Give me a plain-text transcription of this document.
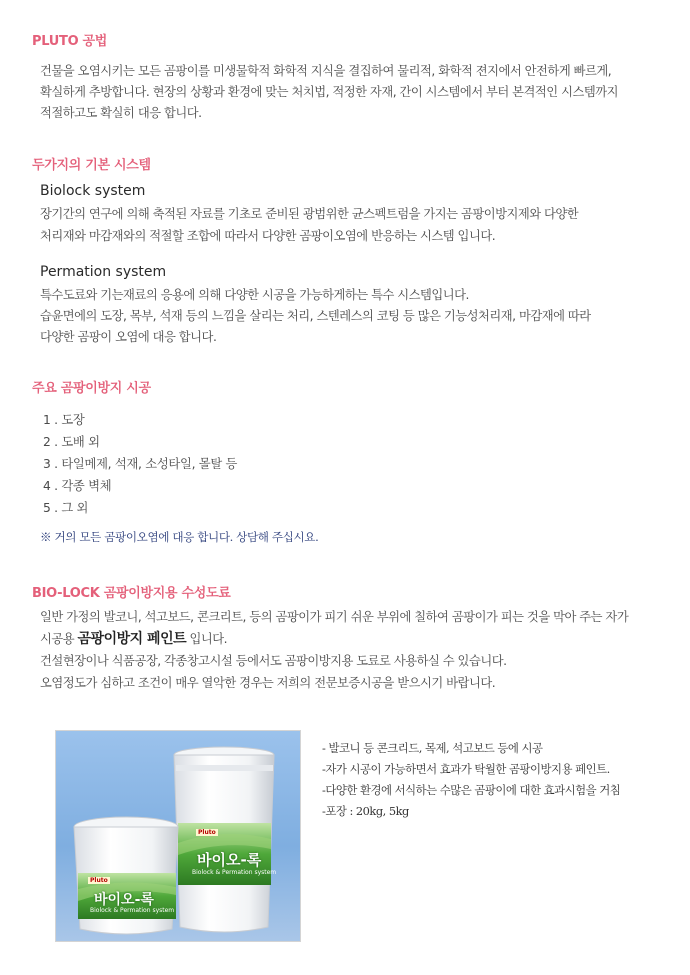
PLUTO 공법

건물을 오염시키는 모든 곰팡이를 미생물학적 화학적 지식을 결집하여 물리적, 화학적 젼지에서 안전하게 빠르게,

확실하게 추방합니다. 현장의 상황과 환경에 맞는 처치법, 적정한 자재, 간이 시스템에서 부터 본격적인 시스템까지

적절하고도 확실히 대응 합니다.

두가지의 기본 시스템

Biolock system

장기간의 연구에 의해 축적된 자료를 기초로 준비된 광범위한 균스펙트럼을 가지는 곰팡이방지제와 다양한

처리재와 마감재와의 적절할 조합에 따라서 다양한 곰팡이오염에 반응하는 시스템 입니다.

Permation system

특수도료와 기는재료의 응용에 의해 다양한 시공을 가능하게하는 특수 시스템입니다.

습윤면에의 도장, 목부, 석재 등의 느낌을 살리는 처리, 스텐레스의 코팅 등 많은 기능성처리재, 마감재에 따라

다양한 곰팡이 오염에 대응 합니다.

주요 곰팡이방지 시공

1 . 도장

2 . 도배 외

3 . 타일메제, 석재, 소성타일, 몰탈 등

4 . 각종 벽체

5 . 그 외

※ 거의 모든 곰팡이오염에 대응 합니다. 상담해 주십시요.

BIO-LOCK 곰팡이방지용 수성도료

일반 가정의 발코니, 석고보드, 콘크리트, 등의 곰팡이가 피기 쉬운 부위에 칠하여 곰팡이가 피는 것을 막아 주는 자가

시공용 곰팡이방지 페인트 입니다.

건설현장이나 식품공장, 각종창고시설 등에서도 곰팡이방지용 도료로 사용하실 수 있습니다.

오염정도가 심하고 조건이 매우 열악한 경우는 저희의 전문보증시공을 받으시기 바랍니다.

바이오-록
Biolock & Permation system
Pluto
바이오-록
Biolock & Permation system
Pluto
- 발코니 등 콘크리드, 목제, 석고보드 등에 시공
-자가 시공이 가능하면서 효과가 탁월한 곰팡이방지용 페인트.
-다양한 환경에 서식하는 수많은 곰팡이에 대한 효과시험을 거침
-포장 : 20kg, 5kg
